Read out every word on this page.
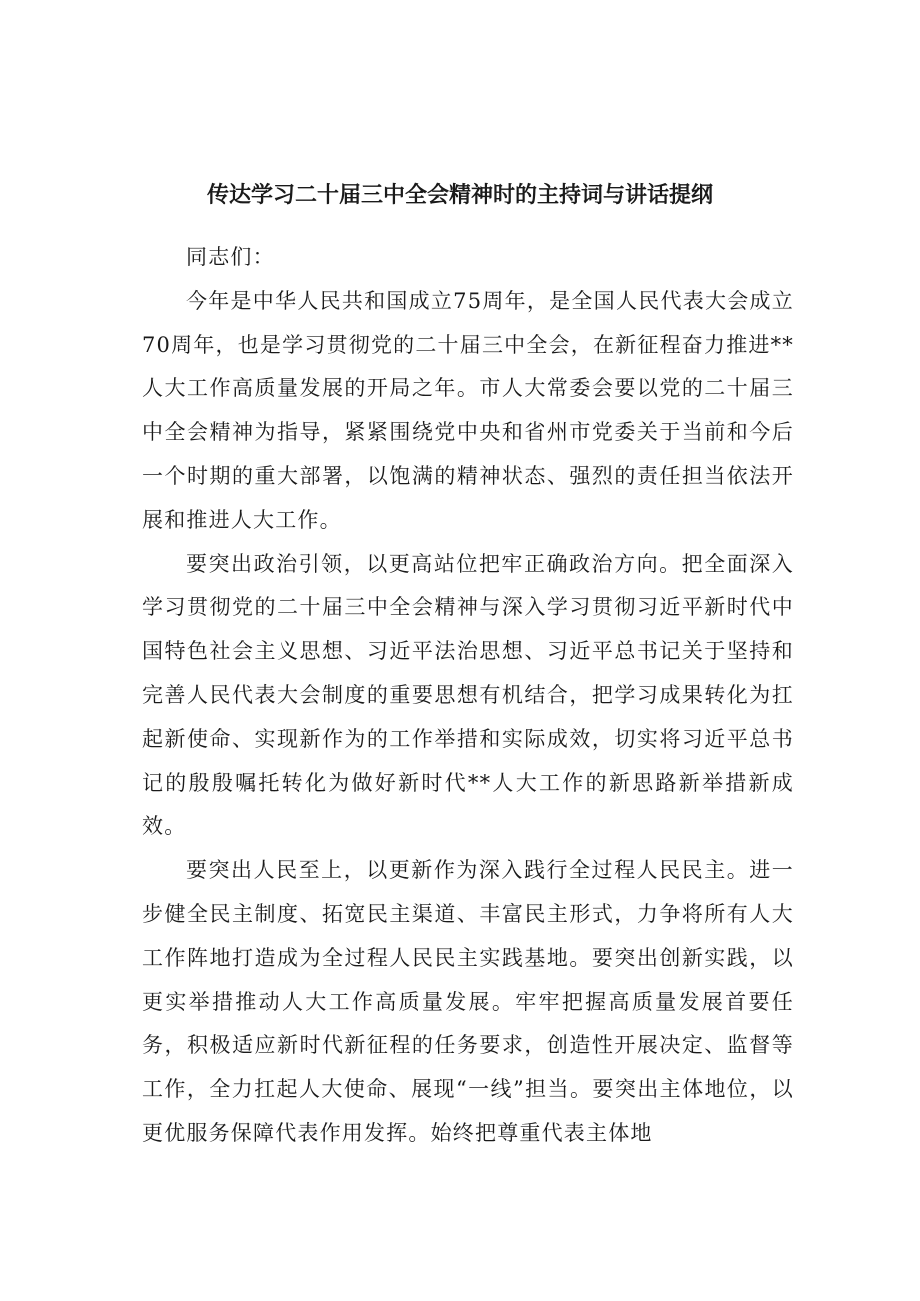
传达学习二十届三中全会精神时的主持词与讲话提纲

同志们：

今年是中华人民共和国成立75周年，是全国人民代表大会成立70周年，也是学习贯彻党的二十届三中全会，在新征程奋力推进**人大工作高质量发展的开局之年。市人大常委会要以党的二十届三中全会精神为指导，紧紧围绕党中央和省州市党委关于当前和今后一个时期的重大部署，以饱满的精神状态、强烈的责任担当依法开展和推进人大工作。

要突出政治引领，以更高站位把牢正确政治方向。把全面深入学习贯彻党的二十届三中全会精神与深入学习贯彻习近平新时代中国特色社会主义思想、习近平法治思想、习近平总书记关于坚持和完善人民代表大会制度的重要思想有机结合，把学习成果转化为扛起新使命、实现新作为的工作举措和实际成效，切实将习近平总书记的殷殷嘱托转化为做好新时代**人大工作的新思路新举措新成效。

要突出人民至上，以更新作为深入践行全过程人民民主。进一步健全民主制度、拓宽民主渠道、丰富民主形式，力争将所有人大工作阵地打造成为全过程人民民主实践基地。要突出创新实践，以更实举措推动人大工作高质量发展。牢牢把握高质量发展首要任务，积极适应新时代新征程的任务要求，创造性开展决定、监督等工作，全力扛起人大使命、展现“一线”担当。要突出主体地位，以更优服务保障代表作用发挥。始终把尊重代表主体地
